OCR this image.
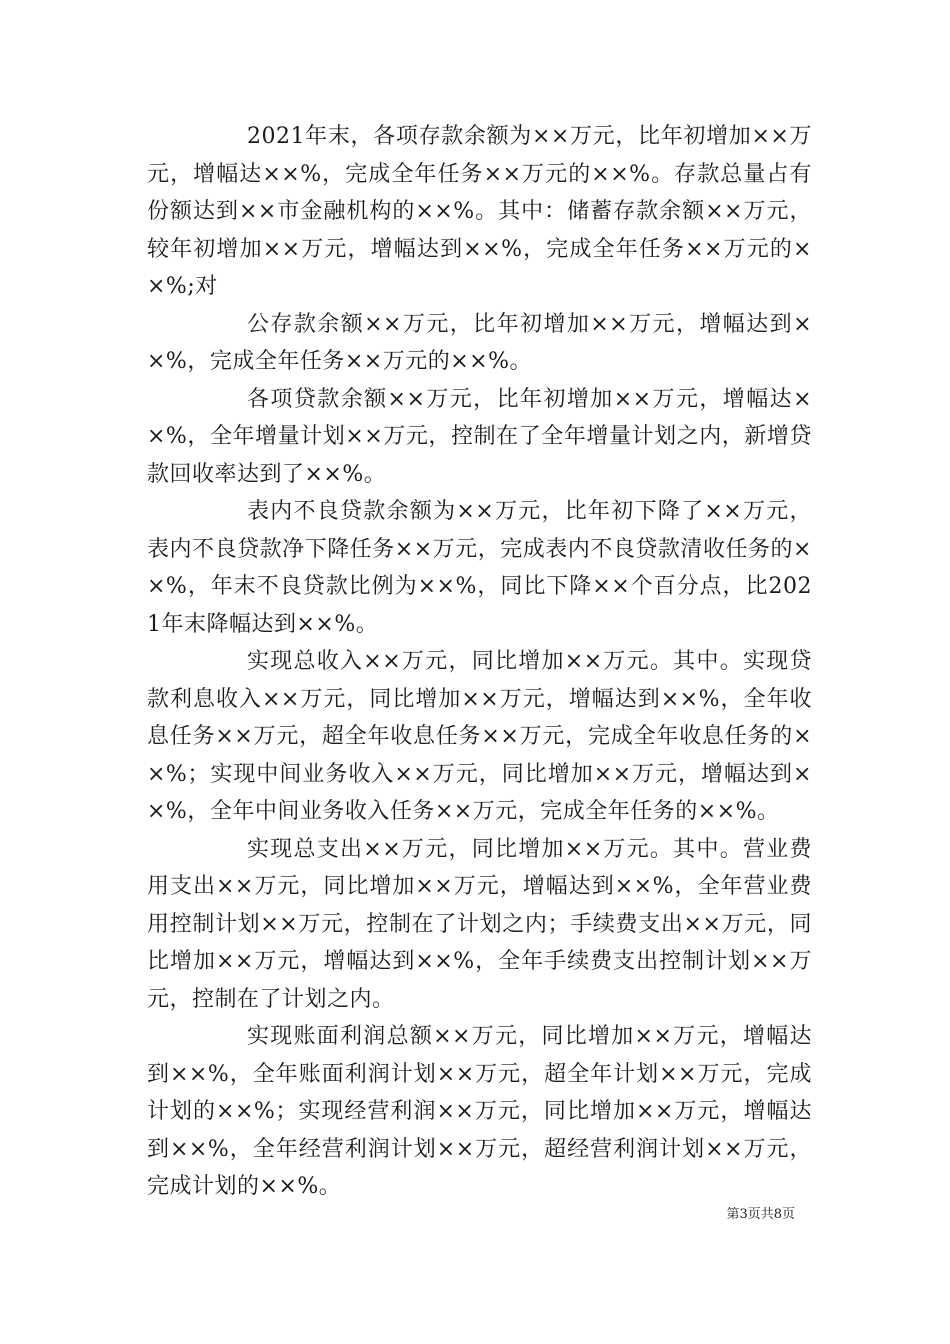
2021年末，各项存款余额为××万元，比年初增加××万元，增幅达××%，完成全年任务××万元的××%。存款总量占有份额达到××市金融机构的××%。其中：储蓄存款余额××万元，较年初增加××万元，增幅达到××%，完成全年任务××万元的××%;对

公存款余额××万元，比年初增加××万元，增幅达到××%，完成全年任务××万元的××%。

各项贷款余额××万元，比年初增加××万元，增幅达××%，全年增量计划××万元，控制在了全年增量计划之内，新增贷款回收率达到了××%。

表内不良贷款余额为××万元，比年初下降了××万元，表内不良贷款净下降任务××万元，完成表内不良贷款清收任务的××%，年末不良贷款比例为××%，同比下降××个百分点，比2021年末降幅达到××%。

实现总收入××万元，同比增加××万元。其中。实现贷款利息收入××万元，同比增加××万元，增幅达到××%，全年收息任务××万元，超全年收息任务××万元，完成全年收息任务的××%；实现中间业务收入××万元，同比增加××万元，增幅达到××%，全年中间业务收入任务××万元，完成全年任务的××%。

实现总支出××万元，同比增加××万元。其中。营业费用支出××万元，同比增加××万元，增幅达到××%，全年营业费用控制计划××万元，控制在了计划之内；手续费支出××万元，同比增加××万元，增幅达到××%，全年手续费支出控制计划××万元，控制在了计划之内。

实现账面利润总额××万元，同比增加××万元，增幅达到××%，全年账面利润计划××万元，超全年计划××万元，完成计划的××%；实现经营利润××万元，同比增加××万元，增幅达到××%，全年经营利润计划××万元，超经营利润计划××万元，完成计划的××%。

第3页共8页
